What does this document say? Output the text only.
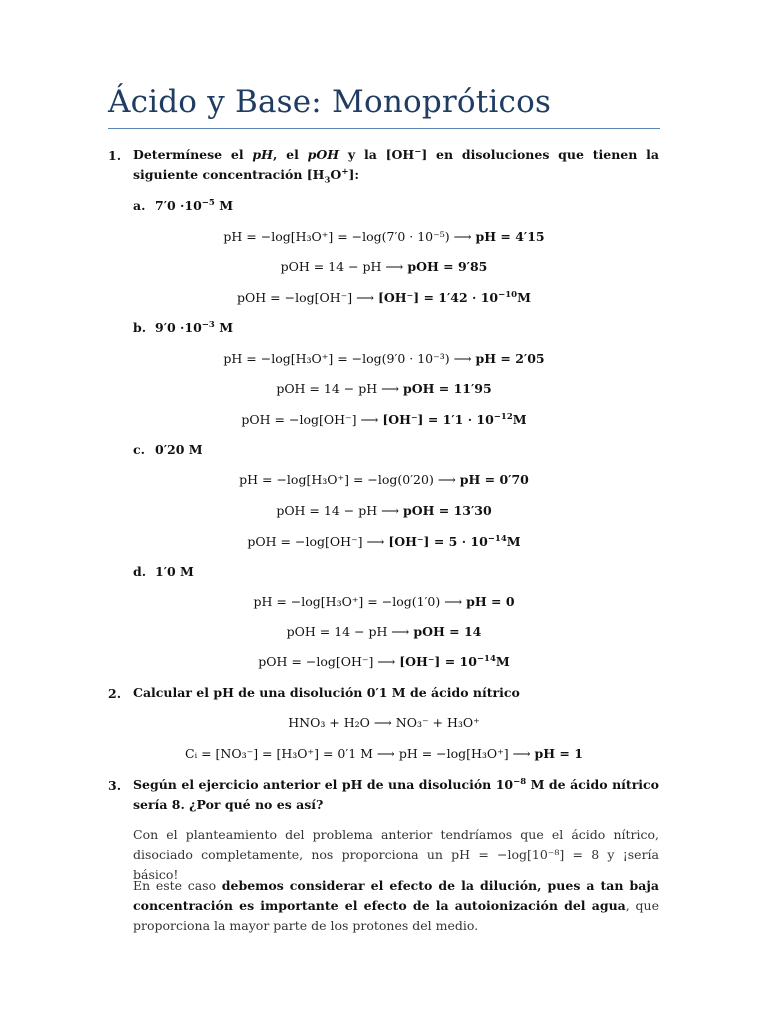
Ácido y Base: Monopróticos
1. Determínese el pH, el pOH y la [OH−] en disoluciones que tienen la siguiente concentración $[H_3O^+]$:
a. $7'0 \cdot 10^{-5}$ M
pH = −log[H₃O⁺] = −log(7′0 · 10⁻⁵) ⟶ pH = 4′15
pOH = 14 − pH ⟶ pOH = 9′85
pOH = −log[OH⁻] ⟶ $[OH^-] = 1'42 \cdot 10^{-10}M$
b. $9'0 \cdot 10^{-3}$ M
pH = −log[H₃O⁺] = −log(9′0 · 10⁻³) ⟶ pH = 2′05
pOH = 14 − pH ⟶ pOH = 11′95
pOH = −log[OH⁻] ⟶ $[OH^-] = 1'1 \cdot 10^{-12}M$
c. 0′20 M
pH = −log[H₃O⁺] = −log(0′20) ⟶ pH = 0′70
pOH = 14 − pH ⟶ pOH = 13′30
pOH = −log[OH⁻] ⟶ $[OH^-] = 5 \cdot 10^{-14}M$
d. 1′0 M
pH = −log[H₃O⁺] = −log(1′0) ⟶ pH = 0
pOH = 14 − pH ⟶ pOH = 14
pOH = −log[OH⁻] ⟶ $[OH^-] = 10^{-14}M$
2. Calcular el pH de una disolución 0′1 M de ácido nítrico
HNO₃ + H₂O ⟶ NO₃⁻ + H₃O⁺
Cᵢ = [NO₃⁻] = [H₃O⁺] = 0′1 M ⟶ pH = −log[H₃O⁺] ⟶ pH = 1
3. Según el ejercicio anterior el pH de una disolución $10^{-8}$ M de ácido nítrico sería 8. ¿Por qué no es así?
Con el planteamiento del problema anterior tendríamos que el ácido nítrico, disociado completamente, nos proporciona un pH = −log[10⁻⁸] = 8 y ¡sería básico!
En este caso debemos considerar el efecto de la dilución, pues a tan baja concentración es importante el efecto de la autoionización del agua, que proporciona la mayor parte de los protones del medio.
